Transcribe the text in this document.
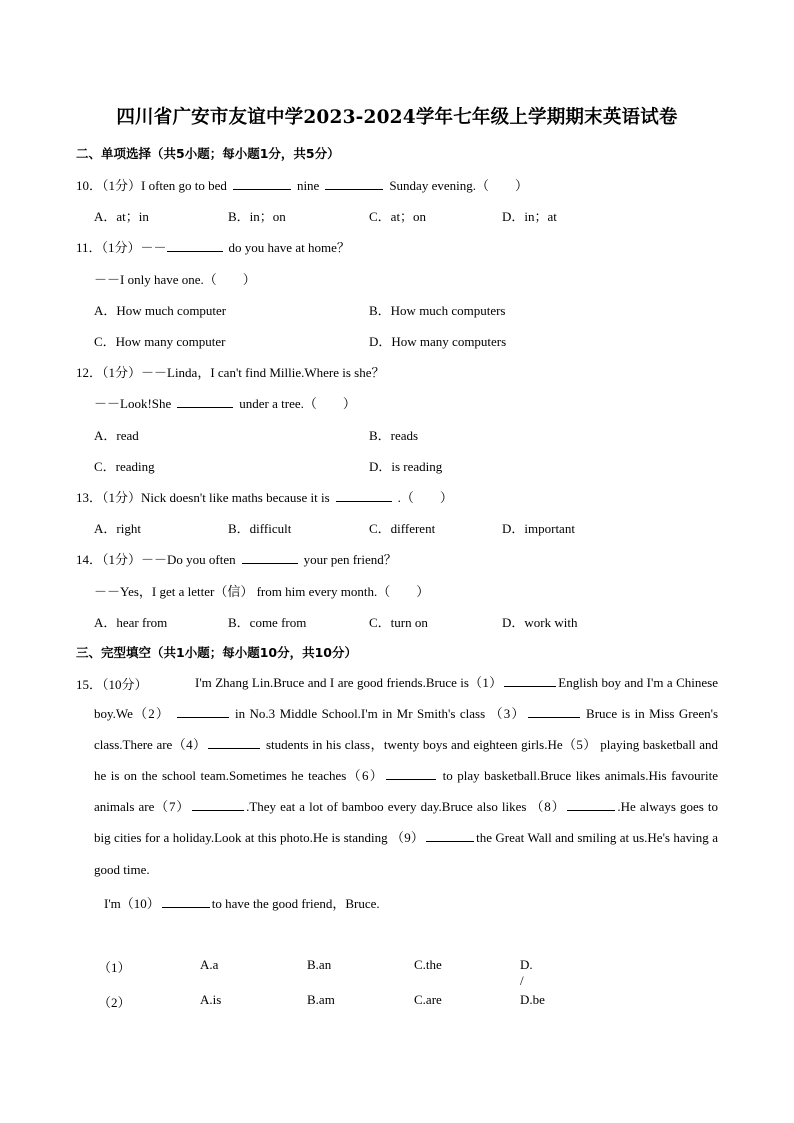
四川省广安市友谊中学2023-2024学年七年级上学期期末英语试卷
二、单项选择（共5小题；每小题1分，共5分）
10．（1分）I often go to bed	nine	Sunday evening.（　　）
A．at；in	B．in；on	C．at；on	D．in；at
11．（1分）－－	do you have at home？
－－I only have one.（　　）
A．How much computer	B．How much computers
C．How many computer	D．How many computers
12．（1分）－－Linda，I can't find Millie.Where is she？
－－Look!She	under a tree.（　　）
A．read	B．reads
C．reading	D．is reading
13．（1分）Nick doesn't like maths because it is	.（　　）
A．right	B．difficult	C．different	D．important
14．（1分）－－Do you often	your pen friend？
－－Yes，I get a letter（信） from him every month.（　　）
A．hear from	B．come from	C．turn on	D．work with
三、完型填空（共1小题；每小题10分，共10分）
15．（10分）	I'm Zhang Lin.Bruce and I are good friends.Bruce is（1）	English boy and I'm a Chinese boy.We（2）	in No.3 Middle School.I'm in Mr Smith's class （3）	Bruce is in Miss Green's class.There are（4）	students in his class，twenty boys and eighteen girls.He（5） playing basketball and he is on the school team.Sometimes he teaches（6）	to play basketball.Bruce likes animals.His favourite animals are（7）	.They eat a lot of bamboo every day.Bruce also likes （8）	.He always goes to big cities for a holiday.Look at this photo.He is standing （9）	the Great Wall and smiling at us.He's having a good time.
I'm（10）	to have the good friend，Bruce.
（1）	A.a	B.an	C.the	D. /
（2）	A.is	B.am	C.are	D.be
